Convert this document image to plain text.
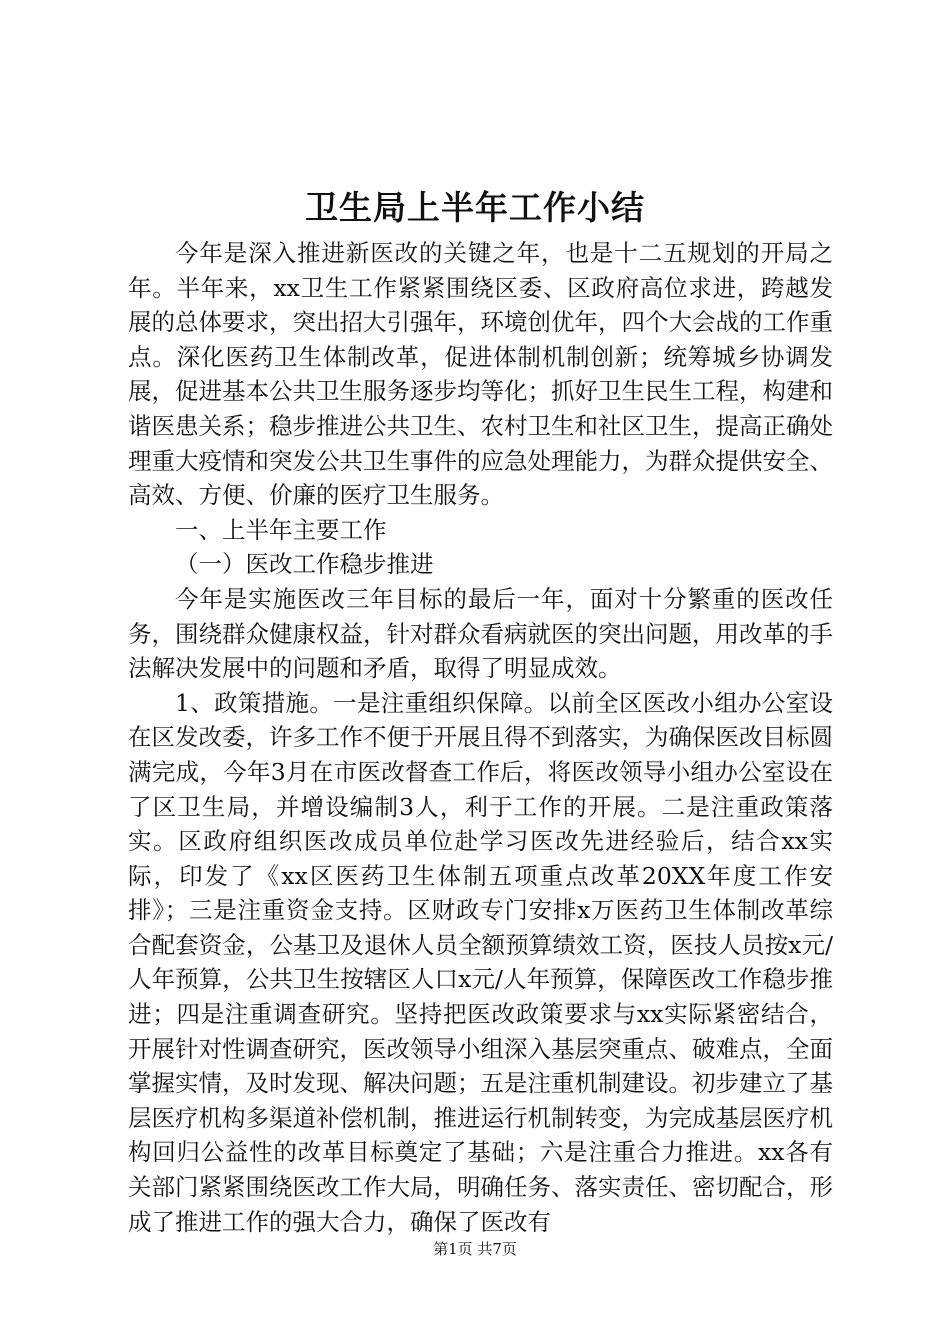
卫生局上半年工作小结

今年是深入推进新医改的关键之年，也是十二五规划的开局之年。半年来，xx卫生工作紧紧围绕区委、区政府高位求进，跨越发展的总体要求，突出招大引强年，环境创优年，四个大会战的工作重点。深化医药卫生体制改革，促进体制机制创新；统筹城乡协调发展，促进基本公共卫生服务逐步均等化；抓好卫生民生工程，构建和谐医患关系；稳步推进公共卫生、农村卫生和社区卫生，提高正确处理重大疫情和突发公共卫生事件的应急处理能力，为群众提供安全、高效、方便、价廉的医疗卫生服务。

一、上半年主要工作

（一）医改工作稳步推进

今年是实施医改三年目标的最后一年，面对十分繁重的医改任务，围绕群众健康权益，针对群众看病就医的突出问题，用改革的手法解决发展中的问题和矛盾，取得了明显成效。

1、政策措施。一是注重组织保障。以前全区医改小组办公室设在区发改委，许多工作不便于开展且得不到落实，为确保医改目标圆满完成，今年3月在市医改督查工作后，将医改领导小组办公室设在了区卫生局，并增设编制3人，利于工作的开展。二是注重政策落实。区政府组织医改成员单位赴学习医改先进经验后，结合xx实际，印发了《xx区医药卫生体制五项重点改革20XX年度工作安排》；三是注重资金支持。区财政专门安排x万医药卫生体制改革综合配套资金，公基卫及退休人员全额预算绩效工资，医技人员按x元/人年预算，公共卫生按辖区人口x元/人年预算，保障医改工作稳步推进；四是注重调查研究。坚持把医改政策要求与xx实际紧密结合，开展针对性调查研究，医改领导小组深入基层突重点、破难点，全面掌握实情，及时发现、解决问题；五是注重机制建设。初步建立了基层医疗机构多渠道补偿机制，推进运行机制转变，为完成基层医疗机构回归公益性的改革目标奠定了基础；六是注重合力推进。xx各有关部门紧紧围绕医改工作大局，明确任务、落实责任、密切配合，形成了推进工作的强大合力，确保了医改有

第1页 共7页
